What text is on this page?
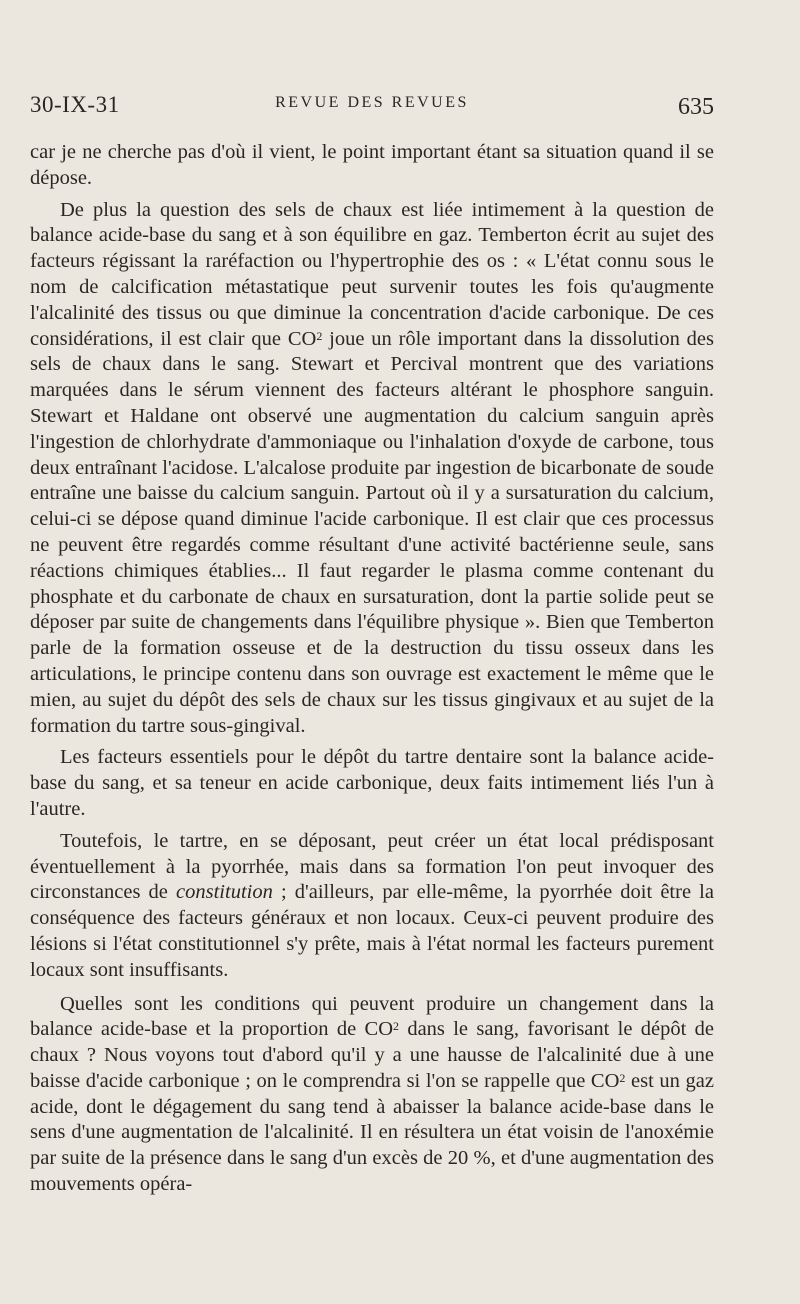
30-IX-31	REVUE DES REVUES	635

car je ne cherche pas d'où il vient, le point important étant sa situation quand il se dépose.

De plus la question des sels de chaux est liée intimement à la question de balance acide-base du sang et à son équilibre en gaz. Temberton écrit au sujet des facteurs régissant la raréfaction ou l'hypertrophie des os : « L'état connu sous le nom de calcification métastatique peut survenir toutes les fois qu'augmente l'alcalinité des tissus ou que diminue la concentration d'acide carbonique. De ces considérations, il est clair que $CO^2$ joue un rôle important dans la dissolution des sels de chaux dans le sang. Stewart et Percival montrent que des variations marquées dans le sérum viennent des facteurs altérant le phosphore sanguin. Stewart et Haldane ont observé une augmentation du calcium sanguin après l'ingestion de chlorhydrate d'ammoniaque ou l'inhalation d'oxyde de carbone, tous deux entraînant l'acidose. L'alcalose produite par ingestion de bicarbonate de soude entraîne une baisse du calcium sanguin. Partout où il y a sursaturation du calcium, celui-ci se dépose quand diminue l'acide carbonique. Il est clair que ces processus ne peuvent être regardés comme résultant d'une activité bactérienne seule, sans réactions chimiques établies... Il faut regarder le plasma comme contenant du phosphate et du carbonate de chaux en sursaturation, dont la partie solide peut se déposer par suite de changements dans l'équilibre physique ». Bien que Temberton parle de la formation osseuse et de la destruction du tissu osseux dans les articulations, le principe contenu dans son ouvrage est exactement le même que le mien, au sujet du dépôt des sels de chaux sur les tissus gingivaux et au sujet de la formation du tartre sous-gingival.

Les facteurs essentiels pour le dépôt du tartre dentaire sont la balance acide-base du sang, et sa teneur en acide carbonique, deux faits intimement liés l'un à l'autre.

Toutefois, le tartre, en se déposant, peut créer un état local prédisposant éventuellement à la pyorrhée, mais dans sa formation l'on peut invoquer des circonstances de constitution ; d'ailleurs, par elle-même, la pyorrhée doit être la conséquence des facteurs généraux et non locaux. Ceux-ci peuvent produire des lésions si l'état constitutionnel s'y prête, mais à l'état normal les facteurs purement locaux sont insuffisants.

Quelles sont les conditions qui peuvent produire un changement dans la balance acide-base et la proportion de $CO^2$ dans le sang, favorisant le dépôt de chaux ? Nous voyons tout d'abord qu'il y a une hausse de l'alcalinité due à une baisse d'acide carbonique ; on le comprendra si l'on se rappelle que $CO^2$ est un gaz acide, dont le dégagement du sang tend à abaisser la balance acide-base dans le sens d'une augmentation de l'alcalinité. Il en résultera un état voisin de l'anoxémie par suite de la présence dans le sang d'un excès de 20 %, et d'une augmentation des mouvements opéra-
